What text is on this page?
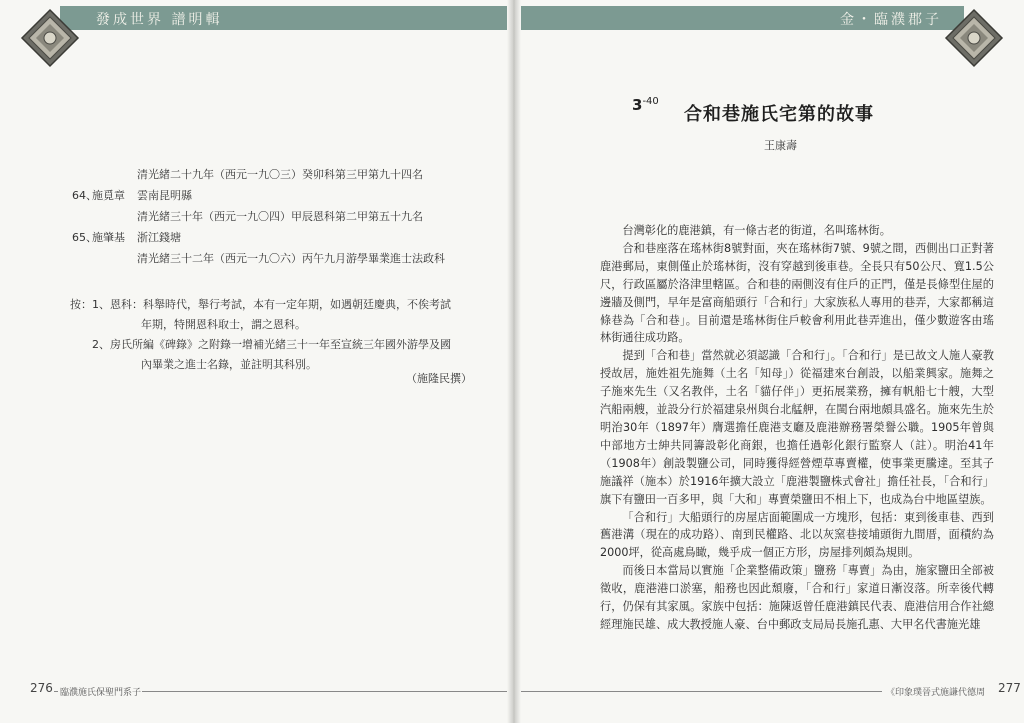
發成世界 譜明輯
清光緒二十九年（西元一九〇三）癸卯科第三甲第九十四名
64、
施覓章 雲南昆明縣
清光緒三十年（西元一九〇四）甲辰恩科第二甲第五十九名
65、
施肇基 浙江錢塘
清光緒三十二年（西元一九〇六）丙午九月游學畢業進士法政科
按： 1、恩科：科舉時代，舉行考試，本有一定年期，如遇朝廷慶典，不俟考試
年期，特開恩科取士，謂之恩科。
2、房氏所編《碑錄》之附錄一增補光緒三十一年至宣統三年國外游學及國
內畢業之進士名錄，並註明其科別。
（施隆民撰）
276 臨濮施氏保聖門系子
金・臨濮郡子
$3^{-40}$
合和巷施氏宅第的故事
王康壽

台灣彰化的鹿港鎮，有一條古老的街道，名叫瑤林街。

合和巷座落在瑤林街8號對面，夾在瑤林街7號、9號之間，西側出口正對著鹿港郵局，東側僅止於瑤林街，沒有穿越到後車巷。全長只有50公尺、寬1.5公尺，行政區屬於洛津里轄區。合和巷的兩側沒有住戶的正門，僅是長條型住屋的邊牆及側門，早年是富商船頭行「合和行」大家族私人專用的巷弄，大家都稱這條巷為「合和巷」。目前還是瑤林街住戶較會利用此巷弄進出，僅少數遊客由瑤林街通往成功路。

提到「合和巷」當然就必須認識「合和行」。「合和行」是已故文人施人豪教授故居，施姓祖先施舞（土名「知母」）從福建來台創設，以船業興家。施舞之子施來先生（又名教伴，土名「貓仔伴」）更拓展業務，擁有帆船七十艘，大型汽船兩艘，並設分行於福建泉州與台北艋舺，在閩台兩地頗具盛名。施來先生於明治30年（1897年）膺選擔任鹿港支廳及鹿港辦務署榮譽公職。1905年曾與中部地方士紳共同籌設彰化商銀，也擔任過彰化銀行監察人（註）。明治41年（1908年）創設製鹽公司，同時獲得經營煙草專賣權，使事業更騰達。至其子施議祥（施本）於1916年擴大設立「鹿港製鹽株式會社」擔任社長，「合和行」旗下有鹽田一百多甲，與「大和」專賣榮鹽田不相上下，也成為台中地區望族。

「合和行」大船頭行的房屋店面範圍成一方塊形，包括：東到後車巷、西到舊港溝（現在的成功路）、南到民權路、北以灰窯巷接埔頭街九間厝，面積約為2000坪，從高處鳥瞰，幾乎成一個正方形，房屋排列頗為規則。

而後日本當局以實施「企業整備政策」鹽務「專賣」為由，施家鹽田全部被徵收，鹿港港口淤塞，船務也因此頹廢，「合和行」家道日漸沒落。所幸後代轉行，仍保有其家風。家族中包括：施陳返曾任鹿港鎮民代表、鹿港信用合作社總經理施民雄、成大教授施人豪、台中郵政支局局長施孔惠、大甲名代書施光雄

《印象璞晉式施謙代德周 277
